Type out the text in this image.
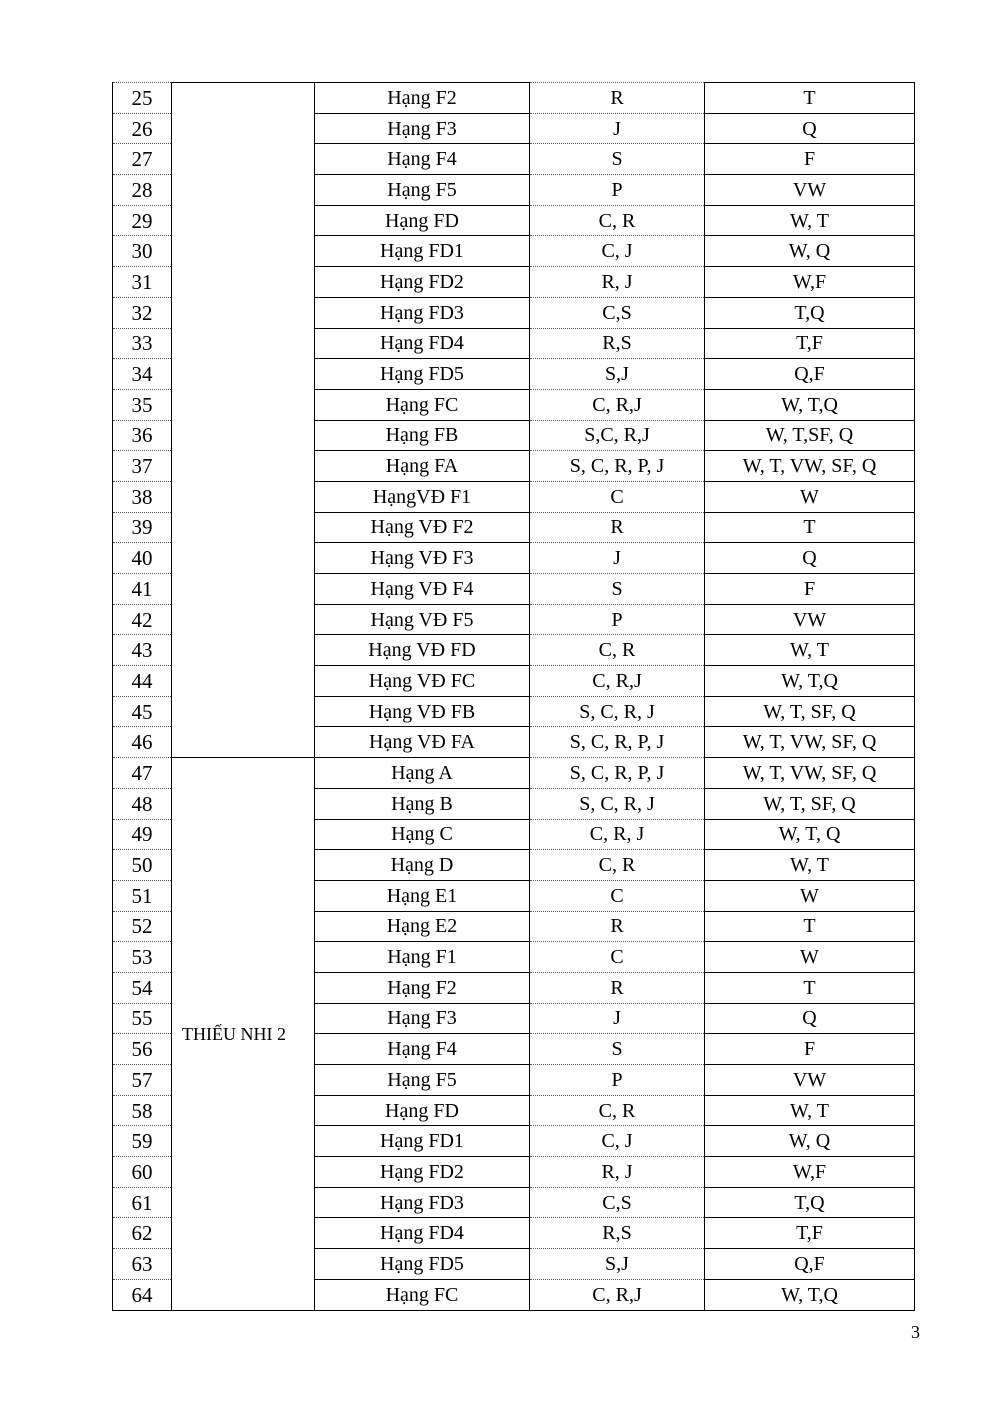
25		Hạng F2	R	T
26		Hạng F3	J	Q
27		Hạng F4	S	F
28		Hạng F5	P	VW
29		Hạng FD	C, R	W, T
30		Hạng FD1	C, J	W, Q
31		Hạng FD2	R, J	W,F
32		Hạng FD3	C,S	T,Q
33		Hạng FD4	R,S	T,F
34		Hạng FD5	S,J	Q,F
35		Hạng FC	C, R,J	W, T,Q
36		Hạng FB	S,C, R,J	W, T,SF, Q
37		Hạng FA	S, C, R, P, J	W, T, VW, SF, Q
38		HạngVĐ F1	C	W
39		Hạng VĐ F2	R	T
40		Hạng VĐ F3	J	Q
41		Hạng VĐ F4	S	F
42		Hạng VĐ F5	P	VW
43		Hạng VĐ FD	C, R	W, T
44		Hạng VĐ FC	C, R,J	W, T,Q
45		Hạng VĐ FB	S, C, R, J	W, T, SF, Q
46		Hạng VĐ FA	S, C, R, P, J	W, T, VW, SF, Q
47	THIẾU NHI 2	Hạng A	S, C, R, P, J	W, T, VW, SF, Q
48		Hạng B	S, C, R, J	W, T, SF, Q
49		Hạng C	C, R, J	W, T, Q
50		Hạng D	C, R	W, T
51		Hạng E1	C	W
52		Hạng E2	R	T
53		Hạng F1	C	W
54		Hạng F2	R	T
55		Hạng F3	J	Q
56		Hạng F4	S	F
57		Hạng F5	P	VW
58		Hạng FD	C, R	W, T
59		Hạng FD1	C, J	W, Q
60		Hạng FD2	R, J	W,F
61		Hạng FD3	C,S	T,Q
62		Hạng FD4	R,S	T,F
63		Hạng FD5	S,J	Q,F
64		Hạng FC	C, R,J	W, T,Q
3
